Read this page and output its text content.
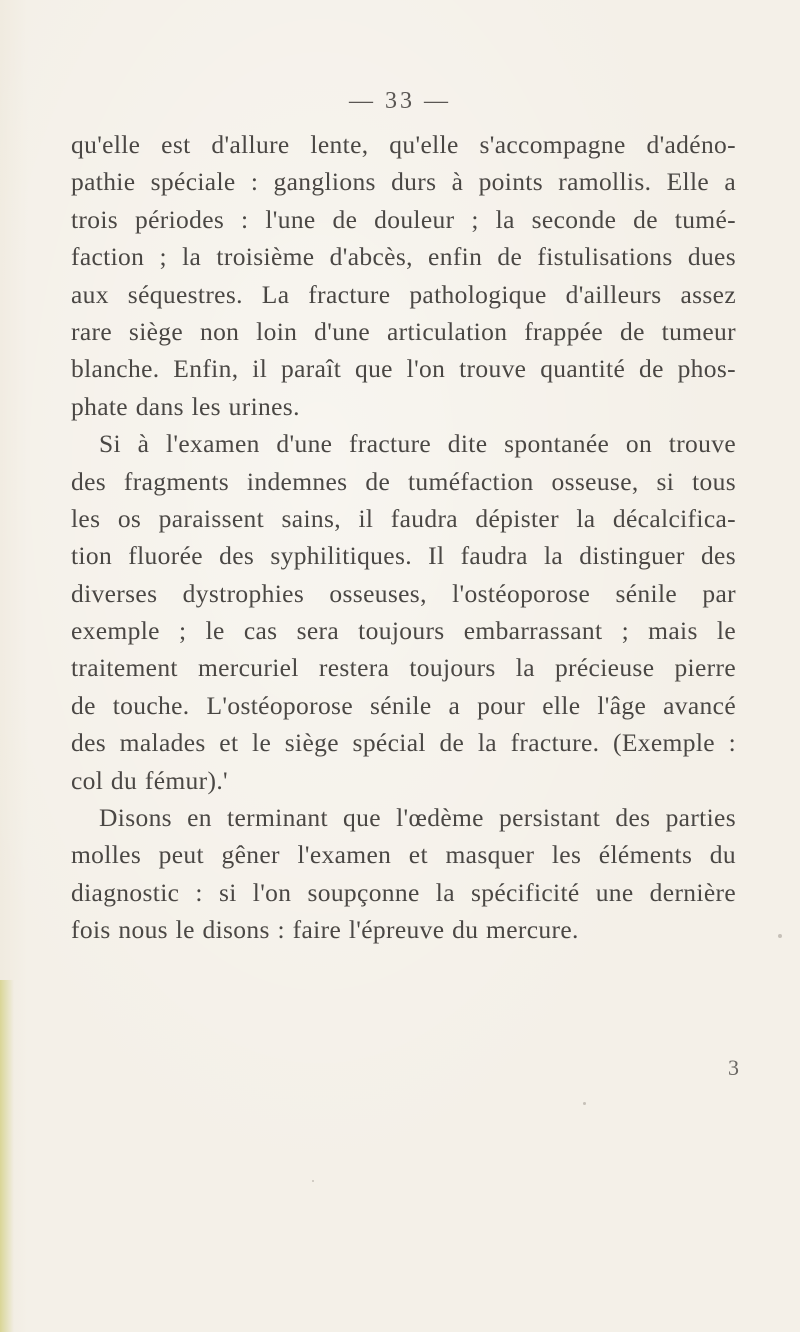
— 33 —
qu'elle est d'allure lente, qu'elle s'accompagne d'adéno-
pathie spéciale : ganglions durs à points ramollis. Elle a
trois périodes : l'une de douleur ; la seconde de tumé-
faction ; la troisième d'abcès, enfin de fistulisations dues
aux séquestres. La fracture pathologique d'ailleurs assez
rare siège non loin d'une articulation frappée de tumeur
blanche. Enfin, il paraît que l'on trouve quantité de phos-
phate dans les urines.
Si à l'examen d'une fracture dite spontanée on trouve
des fragments indemnes de tuméfaction osseuse, si tous
les os paraissent sains, il faudra dépister la décalcifica-
tion fluorée des syphilitiques. Il faudra la distinguer des
diverses dystrophies osseuses, l'ostéoporose sénile par
exemple ; le cas sera toujours embarrassant ; mais le
traitement mercuriel restera toujours la précieuse pierre
de touche. L'ostéoporose sénile a pour elle l'âge avancé
des malades et le siège spécial de la fracture. (Exemple :
col du fémur).'
Disons en terminant que l'œdème persistant des parties
molles peut gêner l'examen et masquer les éléments du
diagnostic : si l'on soupçonne la spécificité une dernière
fois nous le disons : faire l'épreuve du mercure.
3
